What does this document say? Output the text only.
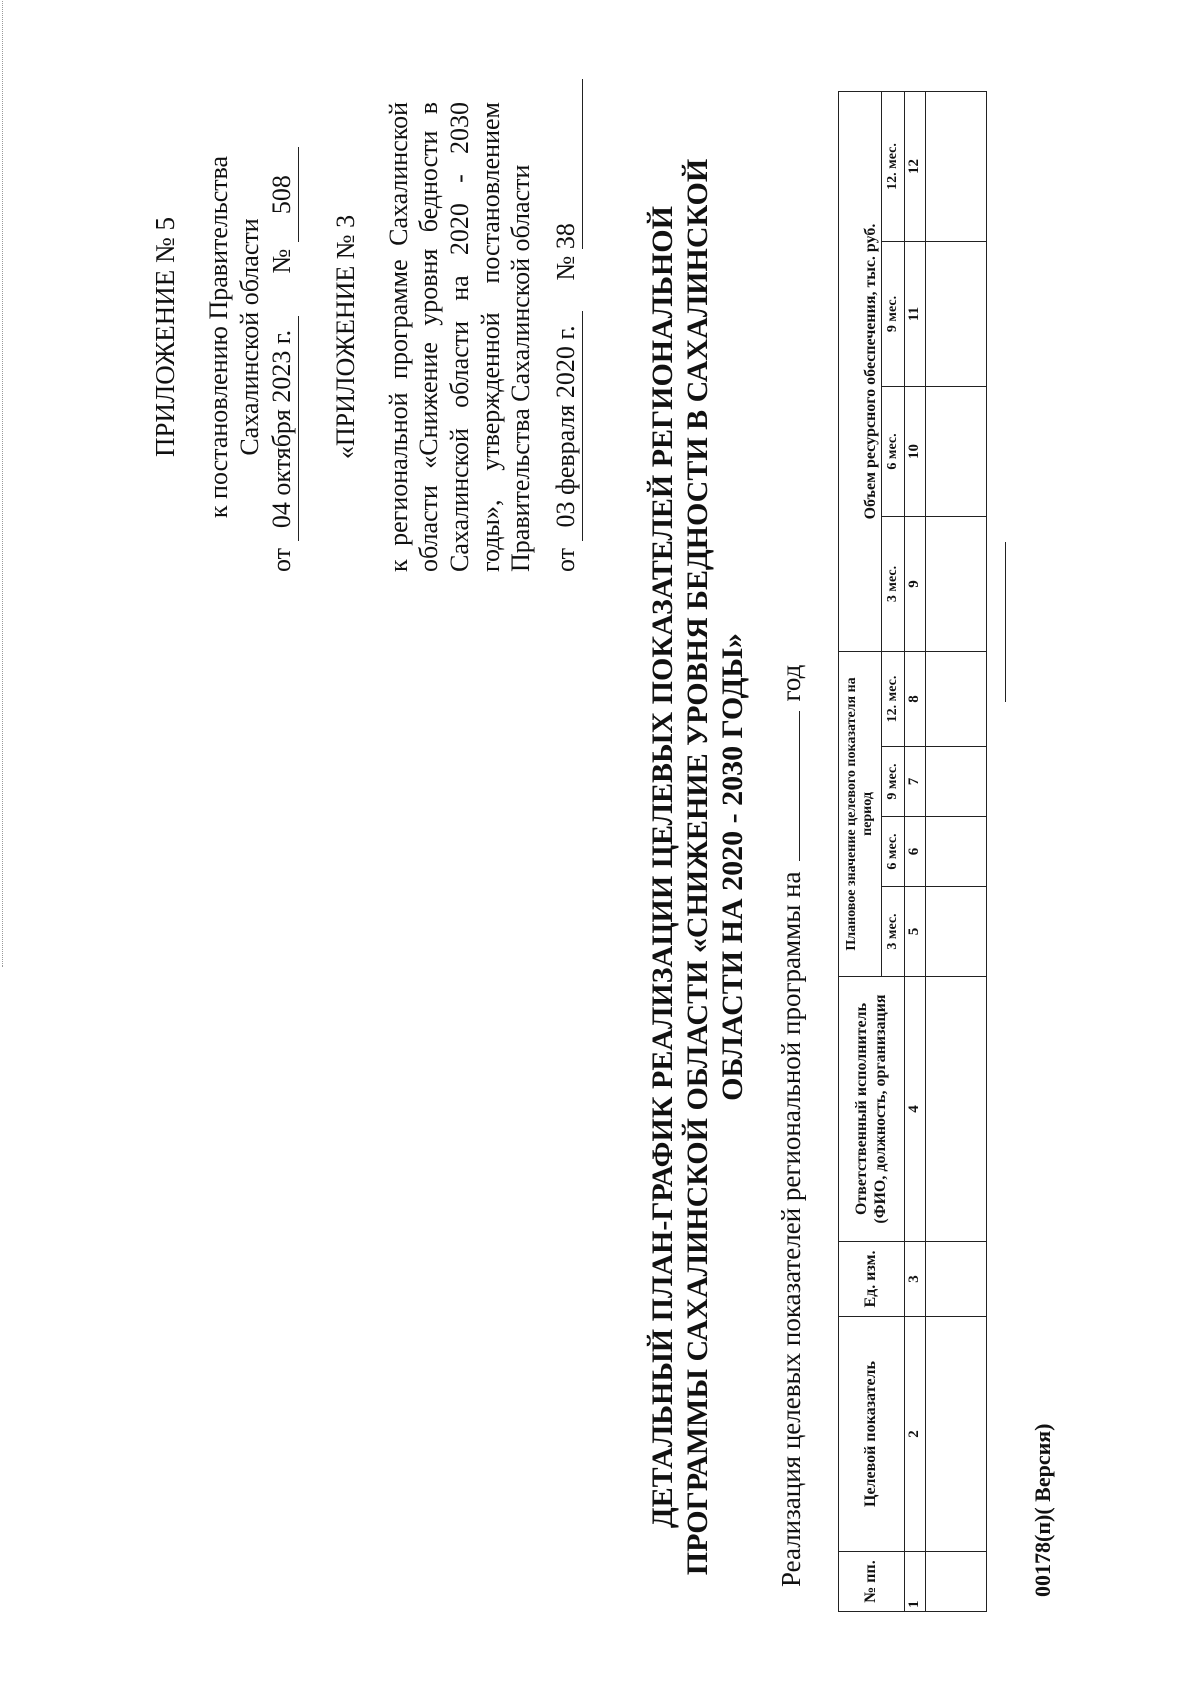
ПРИЛОЖЕНИЕ № 5 к постановлению Правительства Сахалинской области
от 04 октября 2023 г.  № 508
«ПРИЛОЖЕНИЕ № 3 к региональной программе Сахалинской области «Снижение уровня бедности в Сахалинской области на 2020 - 2030 годы», утвержденной постановлением Правительства Сахалинской области от 03 февраля 2020 г.  № 38 ДЕТАЛЬНЫЙ ПЛАН-ГРАФИК РЕАЛИЗАЦИИ ЦЕЛЕВЫХ ПОКАЗАТЕЛЕЙ РЕГИОНАЛЬНОЙ ПРОГРАММЫ САХАЛИНСКОЙ ОБЛАСТИ «СНИЖЕНИЕ УРОВНЯ БЕДНОСТИ В САХАЛИНСКОЙ ОБЛАСТИ НА 2020 - 2030 ГОДЫ»
Реализация целевых показателей региональной программы нагод
№ пп.	Целевой показатель	Ед. изм.	Ответственный исполнитель (ФИО, должность, организация	Плановое значение целевого показателя на период				Объем ресурсного обеспечения, тыс. руб.			
				3 мес.	6 мес.	9 мес.	12. мес.	3 мес.	6 мес.	9 мес.	12. мес.
1	2	3	4	5	6	7	8	9	10	11	12

00178(п)( Версия)
